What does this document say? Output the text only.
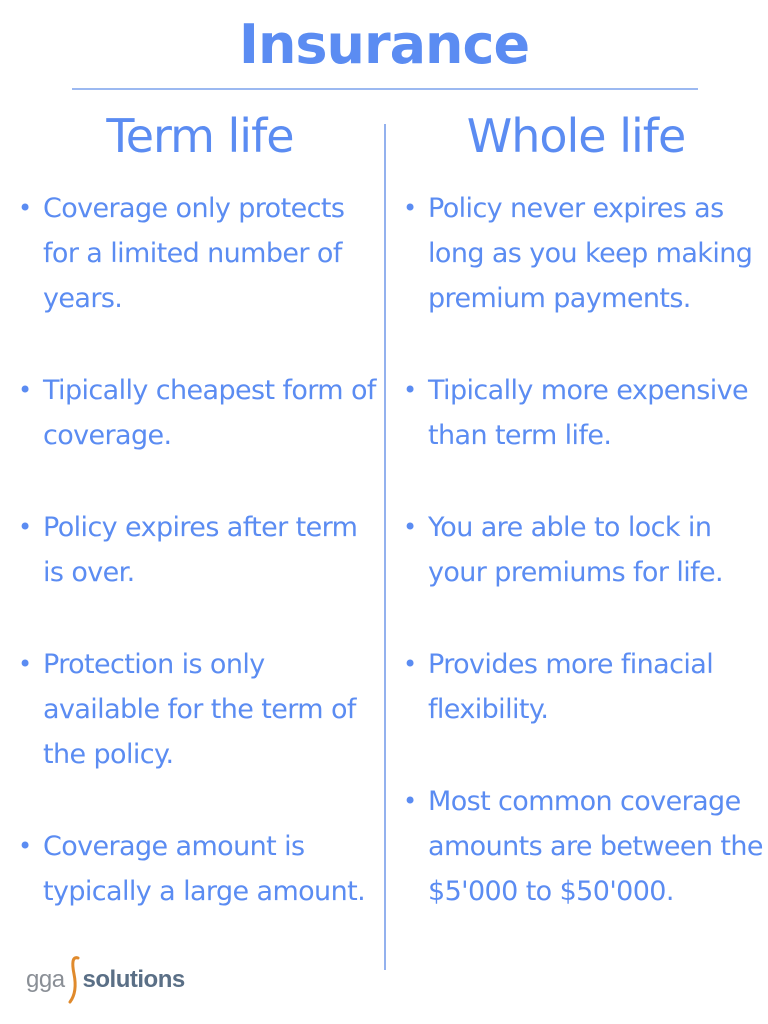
Insurance
Term life	Whole life
• Coverage only protects for a limited number of years.
• Tipically cheapest form of coverage.
• Policy expires after term is over.
• Protection is only available for the term of the policy.
• Coverage amount is typically a large amount.
• Policy never expires as long as you keep making premium payments.
• Tipically more expensive than term life.
• You are able to lock in your premiums for life.
• Provides more finacial flexibility.
• Most common coverage amounts are between the $5'000 to $50'000.
gga solutions
